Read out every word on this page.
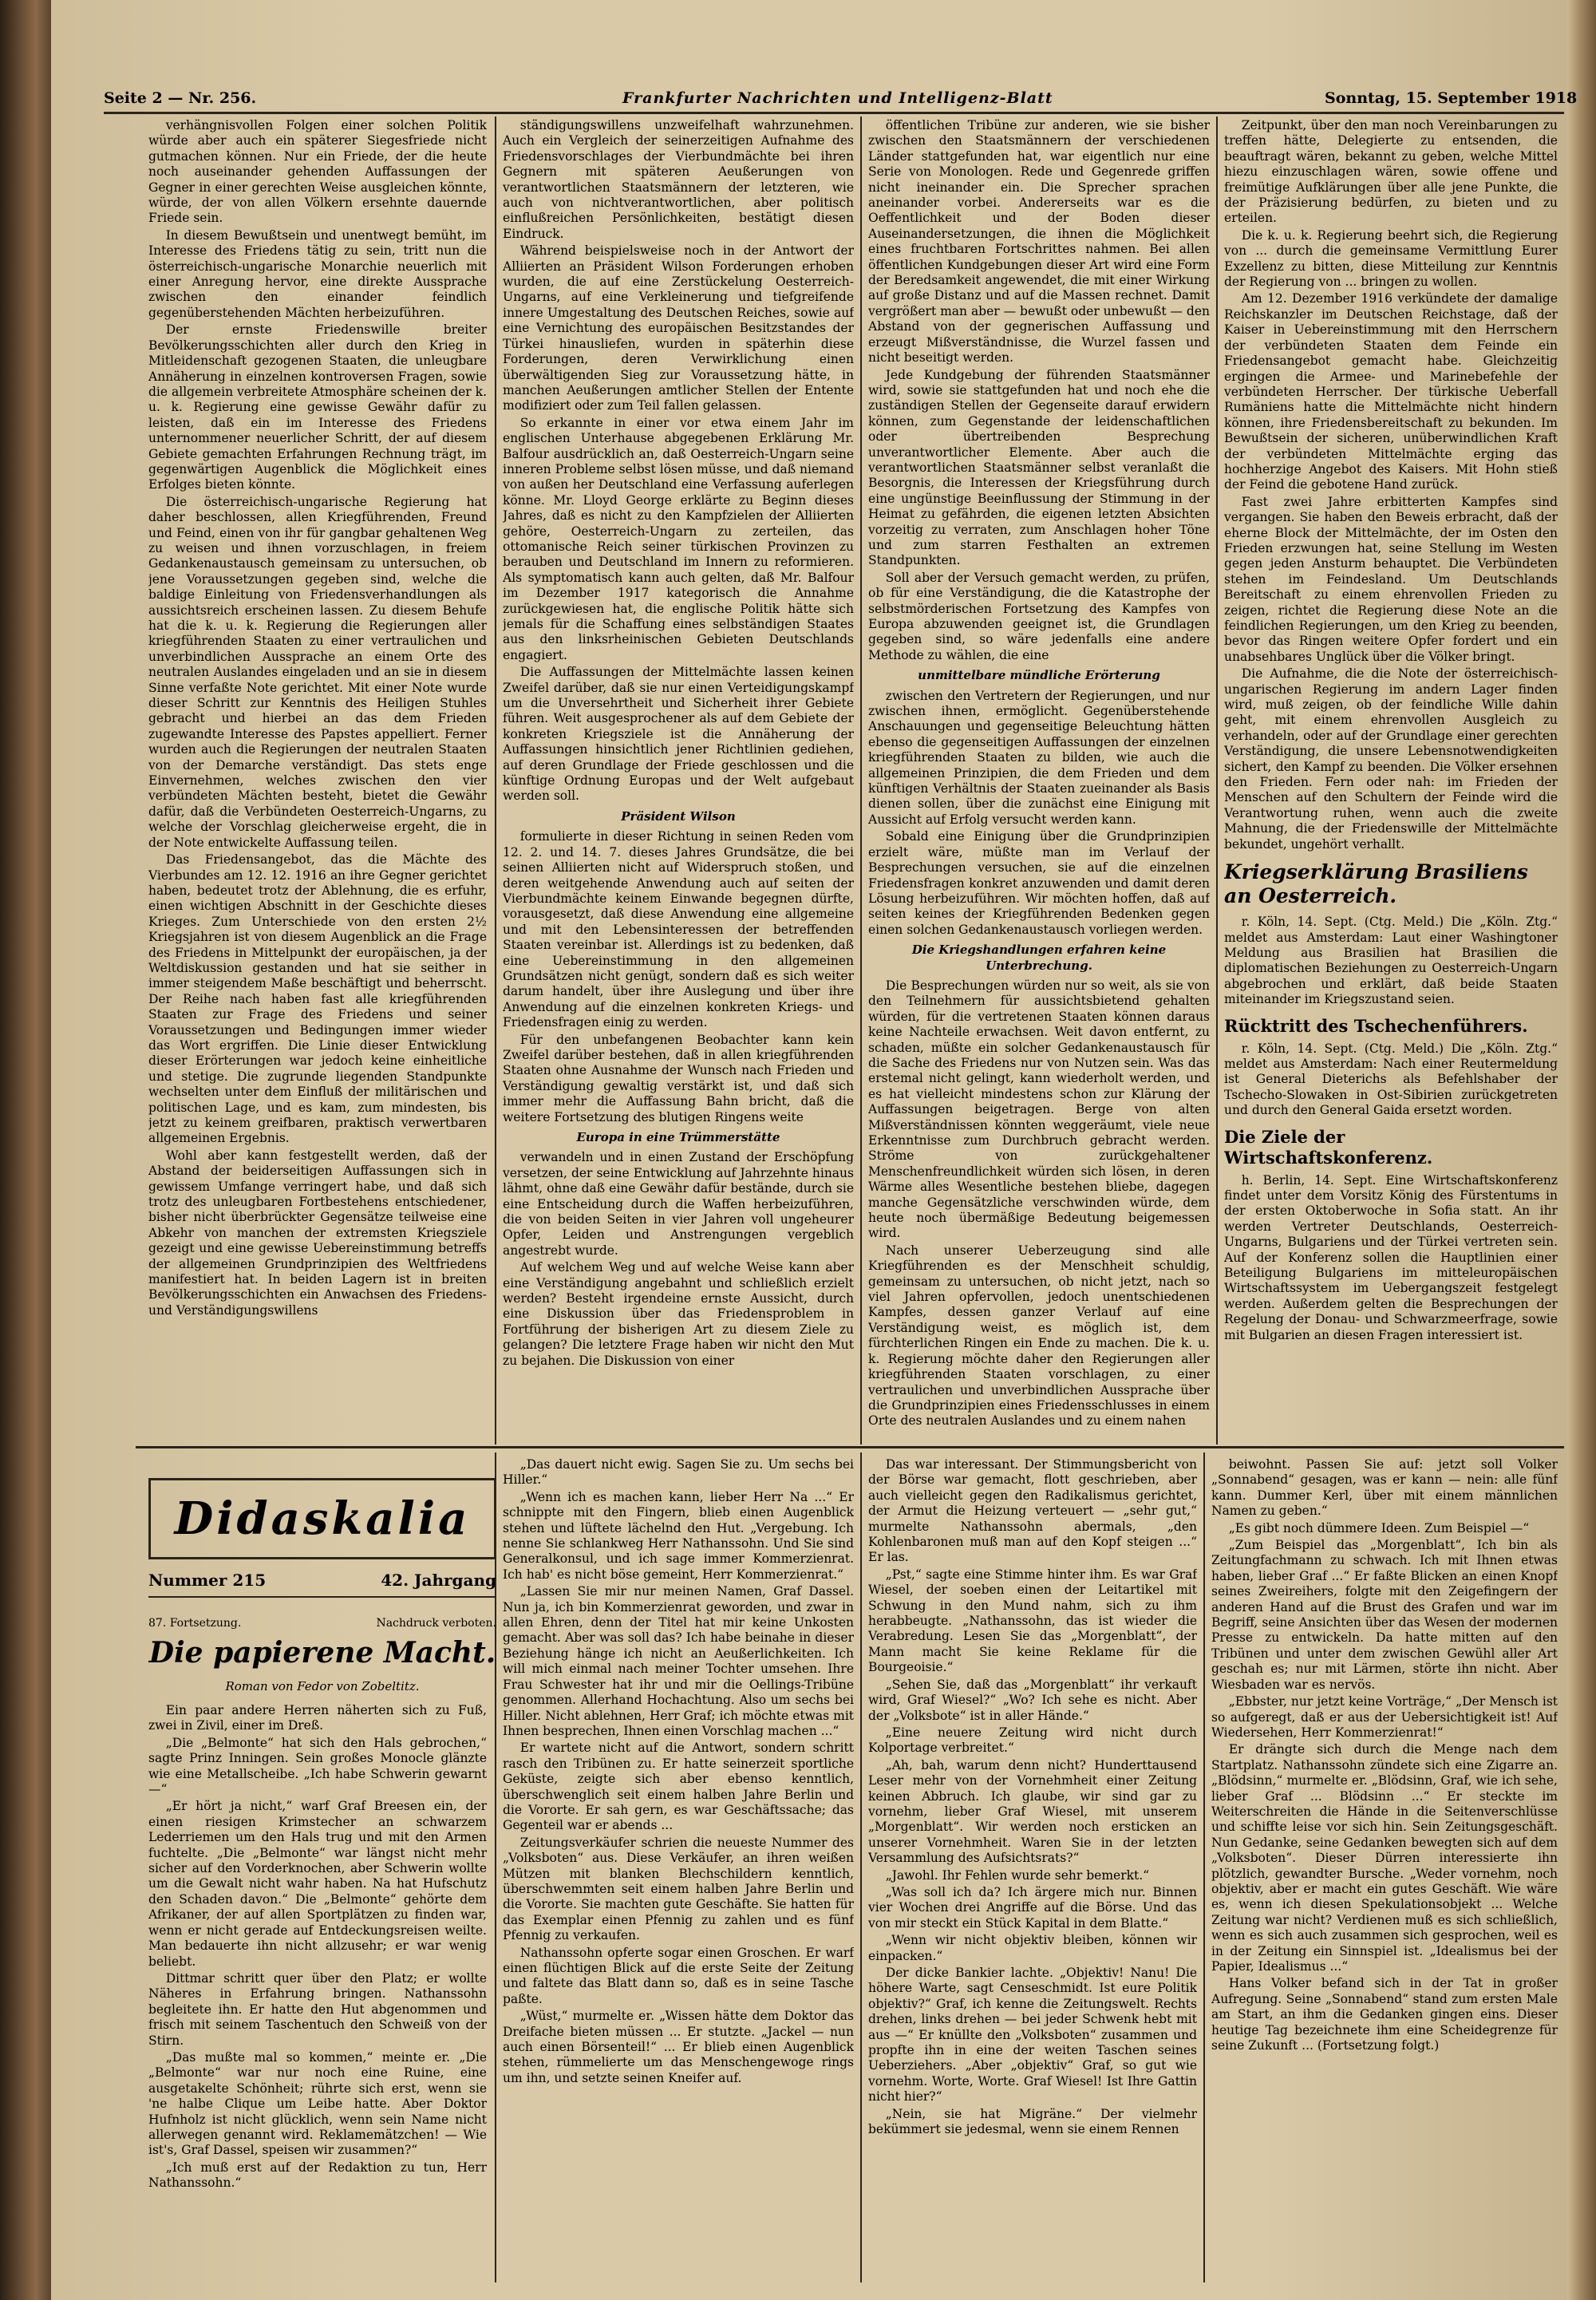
Seite 2 — Nr. 256.	Frankfurter Nachrichten und Intelligenz-Blatt	Sonntag, 15. September 1918

verhängnisvollen Folgen einer solchen Politik würde aber auch ein späterer Siegesfriede nicht gutmachen können. Nur ein Friede, der die heute noch auseinander gehenden Auffassungen der Gegner in einer gerechten Weise ausgleichen könnte, würde, der von allen Völkern ersehnte dauernde Friede sein.

In diesem Bewußtsein und unentwegt bemüht, im Interesse des Friedens tätig zu sein, tritt nun die österreichisch-ungarische Monarchie neuerlich mit einer Anregung hervor, eine direkte Aussprache zwischen den einander feindlich gegenüberstehenden Mächten herbeizuführen.

Der ernste Friedenswille breiter Bevölkerungsschichten aller durch den Krieg in Mitleidenschaft gezogenen Staaten, die unleugbare Annäherung in einzelnen kontroversen Fragen, sowie die allgemein verbreitete Atmosphäre scheinen der k. u. k. Regierung eine gewisse Gewähr dafür zu leisten, daß ein im Interesse des Friedens unternommener neuerlicher Schritt, der auf diesem Gebiete gemachten Erfahrungen Rechnung trägt, im gegenwärtigen Augenblick die Möglichkeit eines Erfolges bieten könnte.

Die österreichisch-ungarische Regierung hat daher beschlossen, allen Kriegführenden, Freund und Feind, einen von ihr für gangbar gehaltenen Weg zu weisen und ihnen vorzuschlagen, in freiem Gedankenaustausch gemeinsam zu untersuchen, ob jene Voraussetzungen gegeben sind, welche die baldige Einleitung von Friedensverhandlungen als aussichtsreich erscheinen lassen. Zu diesem Behufe hat die k. u. k. Regierung die Regierungen aller kriegführenden Staaten zu einer vertraulichen und unverbindlichen Aussprache an einem Orte des neutralen Auslandes eingeladen und an sie in diesem Sinne verfaßte Note gerichtet. Mit einer Note wurde dieser Schritt zur Kenntnis des Heiligen Stuhles gebracht und hierbei an das dem Frieden zugewandte Interesse des Papstes appelliert. Ferner wurden auch die Regierungen der neutralen Staaten von der Demarche verständigt. Das stets enge Einvernehmen, welches zwischen den vier verbündeten Mächten besteht, bietet die Gewähr dafür, daß die Verbündeten Oesterreich-Ungarns, zu welche der Vorschlag gleicherweise ergeht, die in der Note entwickelte Auffassung teilen.

Das Friedensangebot, das die Mächte des Vierbundes am 12. 12. 1916 an ihre Gegner gerichtet haben, bedeutet trotz der Ablehnung, die es erfuhr, einen wichtigen Abschnitt in der Geschichte dieses Krieges. Zum Unterschiede von den ersten 2½ Kriegsjahren ist von diesem Augenblick an die Frage des Friedens in Mittelpunkt der europäischen, ja der Weltdiskussion gestanden und hat sie seither in immer steigendem Maße beschäftigt und beherrscht. Der Reihe nach haben fast alle kriegführenden Staaten zur Frage des Friedens und seiner Voraussetzungen und Bedingungen immer wieder das Wort ergriffen. Die Linie dieser Entwicklung dieser Erörterungen war jedoch keine einheitliche und stetige. Die zugrunde liegenden Standpunkte wechselten unter dem Einfluß der militärischen und politischen Lage, und es kam, zum mindesten, bis jetzt zu keinem greifbaren, praktisch verwertbaren allgemeinen Ergebnis.

Wohl aber kann festgestellt werden, daß der Abstand der beiderseitigen Auffassungen sich in gewissem Umfange verringert habe, und daß sich trotz des unleugbaren Fortbestehens entschiedener, bisher nicht überbrückter Gegensätze teilweise eine Abkehr von manchen der extremsten Kriegsziele gezeigt und eine gewisse Uebereinstimmung betreffs der allgemeinen Grundprinzipien des Weltfriedens manifestiert hat. In beiden Lagern ist in breiten Bevölkerungsschichten ein Anwachsen des Friedens- und Verständigungswillens

ständigungswillens unzweifelhaft wahrzunehmen. Auch ein Vergleich der seinerzeitigen Aufnahme des Friedensvorschlages der Vierbundmächte bei ihren Gegnern mit späteren Aeußerungen von verantwortlichen Staatsmännern der letzteren, wie auch von nichtverantwortlichen, aber politisch einflußreichen Persönlichkeiten, bestätigt diesen Eindruck.

Während beispielsweise noch in der Antwort der Alliierten an Präsident Wilson Forderungen erhoben wurden, die auf eine Zerstückelung Oesterreich-Ungarns, auf eine Verkleinerung und tiefgreifende innere Umgestaltung des Deutschen Reiches, sowie auf eine Vernichtung des europäischen Besitzstandes der Türkei hinausliefen, wurden in späterhin diese Forderungen, deren Verwirklichung einen überwältigenden Sieg zur Voraussetzung hätte, in manchen Aeußerungen amtlicher Stellen der Entente modifiziert oder zum Teil fallen gelassen.

So erkannte in einer vor etwa einem Jahr im englischen Unterhause abgegebenen Erklärung Mr. Balfour ausdrücklich an, daß Oesterreich-Ungarn seine inneren Probleme selbst lösen müsse, und daß niemand von außen her Deutschland eine Verfassung auferlegen könne. Mr. Lloyd George erklärte zu Beginn dieses Jahres, daß es nicht zu den Kampfzielen der Alliierten gehöre, Oesterreich-Ungarn zu zerteilen, das ottomanische Reich seiner türkischen Provinzen zu berauben und Deutschland im Innern zu reformieren. Als symptomatisch kann auch gelten, daß Mr. Balfour im Dezember 1917 kategorisch die Annahme zurückgewiesen hat, die englische Politik hätte sich jemals für die Schaffung eines selbständigen Staates aus den linksrheinischen Gebieten Deutschlands engagiert.

Die Auffassungen der Mittelmächte lassen keinen Zweifel darüber, daß sie nur einen Verteidigungskampf um die Unversehrtheit und Sicherheit ihrer Gebiete führen. Weit ausgesprochener als auf dem Gebiete der konkreten Kriegsziele ist die Annäherung der Auffassungen hinsichtlich jener Richtlinien gediehen, auf deren Grundlage der Friede geschlossen und die künftige Ordnung Europas und der Welt aufgebaut werden soll.

Präsident Wilson

formulierte in dieser Richtung in seinen Reden vom 12. 2. und 14. 7. dieses Jahres Grundsätze, die bei seinen Alliierten nicht auf Widerspruch stoßen, und deren weitgehende Anwendung auch auf seiten der Vierbundmächte keinem Einwande begegnen dürfte, vorausgesetzt, daß diese Anwendung eine allgemeine und mit den Lebensinteressen der betreffenden Staaten vereinbar ist. Allerdings ist zu bedenken, daß eine Uebereinstimmung in den allgemeinen Grundsätzen nicht genügt, sondern daß es sich weiter darum handelt, über ihre Auslegung und über ihre Anwendung auf die einzelnen konkreten Kriegs- und Friedensfragen einig zu werden.

Für den unbefangenen Beobachter kann kein Zweifel darüber bestehen, daß in allen kriegführenden Staaten ohne Ausnahme der Wunsch nach Frieden und Verständigung gewaltig verstärkt ist, und daß sich immer mehr die Auffassung Bahn bricht, daß die weitere Fortsetzung des blutigen Ringens weite

Europa in eine Trümmerstätte

verwandeln und in einen Zustand der Erschöpfung versetzen, der seine Entwicklung auf Jahrzehnte hinaus lähmt, ohne daß eine Gewähr dafür bestände, durch sie eine Entscheidung durch die Waffen herbeizuführen, die von beiden Seiten in vier Jahren voll ungeheurer Opfer, Leiden und Anstrengungen vergeblich angestrebt wurde.

Auf welchem Weg und auf welche Weise kann aber eine Verständigung angebahnt und schließlich erzielt werden? Besteht irgendeine ernste Aussicht, durch eine Diskussion über das Friedensproblem in Fortführung der bisherigen Art zu diesem Ziele zu gelangen? Die letztere Frage haben wir nicht den Mut zu bejahen. Die Diskussion von einer

öffentlichen Tribüne zur anderen, wie sie bisher zwischen den Staatsmännern der verschiedenen Länder stattgefunden hat, war eigentlich nur eine Serie von Monologen. Rede und Gegenrede griffen nicht ineinander ein. Die Sprecher sprachen aneinander vorbei. Andererseits war es die Oeffentlichkeit und der Boden dieser Auseinandersetzungen, die ihnen die Möglichkeit eines fruchtbaren Fortschrittes nahmen. Bei allen öffentlichen Kundgebungen dieser Art wird eine Form der Beredsamkeit angewendet, die mit einer Wirkung auf große Distanz und auf die Massen rechnet. Damit vergrößert man aber — bewußt oder unbewußt — den Abstand von der gegnerischen Auffassung und erzeugt Mißverständnisse, die Wurzel fassen und nicht beseitigt werden.

Jede Kundgebung der führenden Staatsmänner wird, sowie sie stattgefunden hat und noch ehe die zuständigen Stellen der Gegenseite darauf erwidern können, zum Gegenstande der leidenschaftlichen oder übertreibenden Besprechung unverantwortlicher Elemente. Aber auch die verantwortlichen Staatsmänner selbst veranlaßt die Besorgnis, die Interessen der Kriegsführung durch eine ungünstige Beeinflussung der Stimmung in der Heimat zu gefährden, die eigenen letzten Absichten vorzeitig zu verraten, zum Anschlagen hoher Töne und zum starren Festhalten an extremen Standpunkten.

Soll aber der Versuch gemacht werden, zu prüfen, ob für eine Verständigung, die die Katastrophe der selbstmörderischen Fortsetzung des Kampfes von Europa abzuwenden geeignet ist, die Grundlagen gegeben sind, so wäre jedenfalls eine andere Methode zu wählen, die eine

unmittelbare mündliche Erörterung

zwischen den Vertretern der Regierungen, und nur zwischen ihnen, ermöglicht. Gegenüberstehende Anschauungen und gegenseitige Beleuchtung hätten ebenso die gegenseitigen Auffassungen der einzelnen kriegführenden Staaten zu bilden, wie auch die allgemeinen Prinzipien, die dem Frieden und dem künftigen Verhältnis der Staaten zueinander als Basis dienen sollen, über die zunächst eine Einigung mit Aussicht auf Erfolg versucht werden kann.

Sobald eine Einigung über die Grundprinzipien erzielt wäre, müßte man im Verlauf der Besprechungen versuchen, sie auf die einzelnen Friedensfragen konkret anzuwenden und damit deren Lösung herbeizuführen. Wir möchten hoffen, daß auf seiten keines der Kriegführenden Bedenken gegen einen solchen Gedankenaustausch vorliegen werden.

Die Kriegshandlungen erfahren keine Unterbrechung.

Die Besprechungen würden nur so weit, als sie von den Teilnehmern für aussichtsbietend gehalten würden, für die vertretenen Staaten können daraus keine Nachteile erwachsen. Weit davon entfernt, zu schaden, müßte ein solcher Gedankenaustausch für die Sache des Friedens nur von Nutzen sein. Was das erstemal nicht gelingt, kann wiederholt werden, und es hat vielleicht mindestens schon zur Klärung der Auffassungen beigetragen. Berge von alten Mißverständnissen könnten weggeräumt, viele neue Erkenntnisse zum Durchbruch gebracht werden. Ströme von zurückgehaltener Menschenfreundlichkeit würden sich lösen, in deren Wärme alles Wesentliche bestehen bliebe, dagegen manche Gegensätzliche verschwinden würde, dem heute noch übermäßige Bedeutung beigemessen wird.

Nach unserer Ueberzeugung sind alle Kriegführenden es der Menschheit schuldig, gemeinsam zu untersuchen, ob nicht jetzt, nach so viel Jahren opfervollen, jedoch unentschiedenen Kampfes, dessen ganzer Verlauf auf eine Verständigung weist, es möglich ist, dem fürchterlichen Ringen ein Ende zu machen. Die k. u. k. Regierung möchte daher den Regierungen aller kriegführenden Staaten vorschlagen, zu einer vertraulichen und unverbindlichen Aussprache über die Grundprinzipien eines Friedensschlusses in einem Orte des neutralen Auslandes und zu einem nahen

Zeitpunkt, über den man noch Vereinbarungen zu treffen hätte, Delegierte zu entsenden, die beauftragt wären, bekannt zu geben, welche Mittel hiezu einzuschlagen wären, sowie offene und freimütige Aufklärungen über alle jene Punkte, die der Präzisierung bedürfen, zu bieten und zu erteilen.

Die k. u. k. Regierung beehrt sich, die Regierung von ... durch die gemeinsame Vermittlung Eurer Exzellenz zu bitten, diese Mitteilung zur Kenntnis der Regierung von ... bringen zu wollen.

Am 12. Dezember 1916 verkündete der damalige Reichskanzler im Deutschen Reichstage, daß der Kaiser in Uebereinstimmung mit den Herrschern der verbündeten Staaten dem Feinde ein Friedensangebot gemacht habe. Gleichzeitig ergingen die Armee- und Marinebefehle der verbündeten Herrscher. Der türkische Ueberfall Rumäniens hatte die Mittelmächte nicht hindern können, ihre Friedensbereitschaft zu bekunden. Im Bewußtsein der sicheren, unüberwindlichen Kraft der verbündeten Mittelmächte erging das hochherzige Angebot des Kaisers. Mit Hohn stieß der Feind die gebotene Hand zurück.

Fast zwei Jahre erbitterten Kampfes sind vergangen. Sie haben den Beweis erbracht, daß der eherne Block der Mittelmächte, der im Osten den Frieden erzwungen hat, seine Stellung im Westen gegen jeden Ansturm behauptet. Die Verbündeten stehen im Feindesland. Um Deutschlands Bereitschaft zu einem ehrenvollen Frieden zu zeigen, richtet die Regierung diese Note an die feindlichen Regierungen, um den Krieg zu beenden, bevor das Ringen weitere Opfer fordert und ein unabsehbares Unglück über die Völker bringt.

Die Aufnahme, die die Note der österreichisch-ungarischen Regierung im andern Lager finden wird, muß zeigen, ob der feindliche Wille dahin geht, mit einem ehrenvollen Ausgleich zu verhandeln, oder auf der Grundlage einer gerechten Verständigung, die unsere Lebensnotwendigkeiten sichert, den Kampf zu beenden. Die Völker ersehnen den Frieden. Fern oder nah: im Frieden der Menschen auf den Schultern der Feinde wird die Verantwortung ruhen, wenn auch die zweite Mahnung, die der Friedenswille der Mittelmächte bekundet, ungehört verhallt.

Kriegserklärung Brasiliens an Oesterreich.

r. Köln, 14. Sept. (Ctg. Meld.) Die „Köln. Ztg.“ meldet aus Amsterdam: Laut einer Washingtoner Meldung aus Brasilien hat Brasilien die diplomatischen Beziehungen zu Oesterreich-Ungarn abgebrochen und erklärt, daß beide Staaten miteinander im Kriegszustand seien.

Rücktritt des Tschechenführers.

r. Köln, 14. Sept. (Ctg. Meld.) Die „Köln. Ztg.“ meldet aus Amsterdam: Nach einer Reutermeldung ist General Dieterichs als Befehlshaber der Tschecho-Slowaken in Ost-Sibirien zurückgetreten und durch den General Gaida ersetzt worden.

Die Ziele der Wirtschaftskonferenz.

h. Berlin, 14. Sept. Eine Wirtschaftskonferenz findet unter dem Vorsitz König des Fürstentums in der ersten Oktoberwoche in Sofia statt. An ihr werden Vertreter Deutschlands, Oesterreich-Ungarns, Bulgariens und der Türkei vertreten sein. Auf der Konferenz sollen die Hauptlinien einer Beteiligung Bulgariens im mitteleuropäischen Wirtschaftssystem im Uebergangszeit festgelegt werden. Außerdem gelten die Besprechungen der Regelung der Donau- und Schwarzmeerfrage, sowie mit Bulgarien an diesen Fragen interessiert ist.

Didaskalia
Nummer 215	42. Jahrgang
87. Fortsetzung.	Nachdruck verboten.
Die papierene Macht.
Roman von Fedor von Zobeltitz.

Ein paar andere Herren näherten sich zu Fuß, zwei in Zivil, einer im Dreß.

„Die „Belmonte“ hat sich den Hals gebrochen,“ sagte Prinz Inningen. Sein großes Monocle glänzte wie eine Metallscheibe. „Ich habe Schwerin gewarnt —“

„Er hört ja nicht,“ warf Graf Breesen ein, der einen riesigen Krimstecher an schwarzem Lederriemen um den Hals trug und mit den Armen fuchtelte. „Die „Belmonte“ war längst nicht mehr sicher auf den Vorderknochen, aber Schwerin wollte um die Gewalt nicht wahr haben. Na hat Hufschutz den Schaden davon.“ Die „Belmonte“ gehörte dem Afrikaner, der auf allen Sportplätzen zu finden war, wenn er nicht gerade auf Entdeckungsreisen weilte. Man bedauerte ihn nicht allzusehr; er war wenig beliebt.

Dittmar schritt quer über den Platz; er wollte Näheres in Erfahrung bringen. Nathanssohn begleitete ihn. Er hatte den Hut abgenommen und frisch mit seinem Taschentuch den Schweiß von der Stirn.

„Das mußte mal so kommen,“ meinte er. „Die „Belmonte“ war nur noch eine Ruine, eine ausgetakelte Schönheit; rührte sich erst, wenn sie 'ne halbe Clique um Leibe hatte. Aber Doktor Hufnholz ist nicht glücklich, wenn sein Name nicht allerwegen genannt wird. Reklamemätzchen! — Wie ist's, Graf Dassel, speisen wir zusammen?“

„Ich muß erst auf der Redaktion zu tun, Herr Nathanssohn.“

„Das dauert nicht ewig. Sagen Sie zu. Um sechs bei Hiller.“

„Wenn ich es machen kann, lieber Herr Na ...“ Er schnippte mit den Fingern, blieb einen Augenblick stehen und lüftete lächelnd den Hut. „Vergebung. Ich nenne Sie schlankweg Herr Nathanssohn. Und Sie sind Generalkonsul, und ich sage immer Kommerzienrat. Ich hab' es nicht böse gemeint, Herr Kommerzienrat.“

„Lassen Sie mir nur meinen Namen, Graf Dassel. Nun ja, ich bin Kommerzienrat geworden, und zwar in allen Ehren, denn der Titel hat mir keine Unkosten gemacht. Aber was soll das? Ich habe beinahe in dieser Beziehung hänge ich nicht an Aeußerlichkeiten. Ich will mich einmal nach meiner Tochter umsehen. Ihre Frau Schwester hat ihr und mir die Oellings-Tribüne genommen. Allerhand Hochachtung. Also um sechs bei Hiller. Nicht ablehnen, Herr Graf; ich möchte etwas mit Ihnen besprechen, Ihnen einen Vorschlag machen ...“

Er wartete nicht auf die Antwort, sondern schritt rasch den Tribünen zu. Er hatte seinerzeit sportliche Geküste, zeigte sich aber ebenso kenntlich, überschwenglich seit einem halben Jahre Berlin und die Vororte. Er sah gern, es war Geschäftssache; das Gegenteil war er abends ...

Zeitungsverkäufer schrien die neueste Nummer des „Volksboten“ aus. Diese Verkäufer, an ihren weißen Mützen mit blanken Blechschildern kenntlich, überschwemmten seit einem halben Jahre Berlin und die Vororte. Sie machten gute Geschäfte. Sie hatten für das Exemplar einen Pfennig zu zahlen und es fünf Pfennig zu verkaufen.

Nathanssohn opferte sogar einen Groschen. Er warf einen flüchtigen Blick auf die erste Seite der Zeitung und faltete das Blatt dann so, daß es in seine Tasche paßte.

„Wüst,“ murmelte er. „Wissen hätte dem Doktor das Dreifache bieten müssen ... Er stutzte. „Jackel — nun auch einen Börsenteil!“ ... Er blieb einen Augenblick stehen, rümmelierte um das Menschengewoge rings um ihn, und setzte seinen Kneifer auf.

Das war interessant. Der Stimmungsbericht von der Börse war gemacht, flott geschrieben, aber auch vielleicht gegen den Radikalismus gerichtet, der Armut die Heizung verteuert — „sehr gut,“ murmelte Nathanssohn abermals, „den Kohlenbaronen muß man auf den Kopf steigen ...“ Er las.

„Pst,“ sagte eine Stimme hinter ihm. Es war Graf Wiesel, der soeben einen der Leitartikel mit Schwung in den Mund nahm, sich zu ihm herabbeugte. „Nathanssohn, das ist wieder die Verabredung. Lesen Sie das „Morgenblatt“, der Mann macht Sie keine Reklame für die Bourgeoisie.“

„Sehen Sie, daß das „Morgenblatt“ ihr verkauft wird, Graf Wiesel?“ „Wo? Ich sehe es nicht. Aber der „Volksbote“ ist in aller Hände.“

„Eine neuere Zeitung wird nicht durch Kolportage verbreitet.“

„Ah, bah, warum denn nicht? Hunderttausend Leser mehr von der Vornehmheit einer Zeitung keinen Abbruch. Ich glaube, wir sind gar zu vornehm, lieber Graf Wiesel, mit unserem „Morgenblatt“. Wir werden noch ersticken an unserer Vornehmheit. Waren Sie in der letzten Versammlung des Aufsichtsrats?“

„Jawohl. Ihr Fehlen wurde sehr bemerkt.“

„Was soll ich da? Ich ärgere mich nur. Binnen vier Wochen drei Angriffe auf die Börse. Und das von mir steckt ein Stück Kapital in dem Blatte.“

„Wenn wir nicht objektiv bleiben, können wir einpacken.“

Der dicke Bankier lachte. „Objektiv! Nanu! Die höhere Warte, sagt Censeschmidt. Ist eure Politik objektiv?“ Graf, ich kenne die Zeitungswelt. Rechts drehen, links drehen — bei jeder Schwenk hebt mit aus —“ Er knüllte den „Volksboten“ zusammen und propfte ihn in eine der weiten Taschen seines Ueberziehers. „Aber „objektiv“ Graf, so gut wie vornehm. Worte, Worte. Graf Wiesel! Ist Ihre Gattin nicht hier?“

„Nein, sie hat Migräne.“ Der vielmehr bekümmert sie jedesmal, wenn sie einem Rennen

beiwohnt. Passen Sie auf: jetzt soll Volker „Sonnabend“ gesagen, was er kann — nein: alle fünf kann. Dummer Kerl, über mit einem männlichen Namen zu geben.“

„Es gibt noch dümmere Ideen. Zum Beispiel —“

„Zum Beispiel das „Morgenblatt“, Ich bin als Zeitungfachmann zu schwach. Ich mit Ihnen etwas haben, lieber Graf ...“ Er faßte Blicken an einen Knopf seines Zweireihers, folgte mit den Zeigefingern der anderen Hand auf die Brust des Grafen und war im Begriff, seine Ansichten über das Wesen der modernen Presse zu entwickeln. Da hatte mitten auf den Tribünen und unter dem zwischen Gewühl aller Art geschah es; nur mit Lärmen, störte ihn nicht. Aber Wiesbaden war es nervös.

„Ebbster, nur jetzt keine Vorträge,“ „Der Mensch ist so aufgeregt, daß er aus der Uebersichtigkeit ist! Auf Wiedersehen, Herr Kommerzienrat!“

Er drängte sich durch die Menge nach dem Startplatz. Nathanssohn zündete sich eine Zigarre an. „Blödsinn,“ murmelte er. „Blödsinn, Graf, wie ich sehe, lieber Graf ... Blödsinn ...“ Er steckte im Weiterschreiten die Hände in die Seitenverschlüsse und schiffte leise vor sich hin. Sein Zeitungsgeschäft. Nun Gedanke, seine Gedanken bewegten sich auf dem „Volksboten“. Dieser Dürren interessierte ihn plötzlich, gewandter Bursche. „Weder vornehm, noch objektiv, aber er macht ein gutes Geschäft. Wie wäre es, wenn ich diesen Spekulationsobjekt ... Welche Zeitung war nicht? Verdienen muß es sich schließlich, wenn es sich auch zusammen sich gesprochen, weil es in der Zeitung ein Sinnspiel ist. „Idealismus bei der Papier, Idealismus ...“

Hans Volker befand sich in der Tat in großer Aufregung. Seine „Sonnabend“ stand zum ersten Male am Start, an ihm die Gedanken gingen eins. Dieser heutige Tag bezeichnete ihm eine Scheidegrenze für seine Zukunft ... (Fortsetzung folgt.)
